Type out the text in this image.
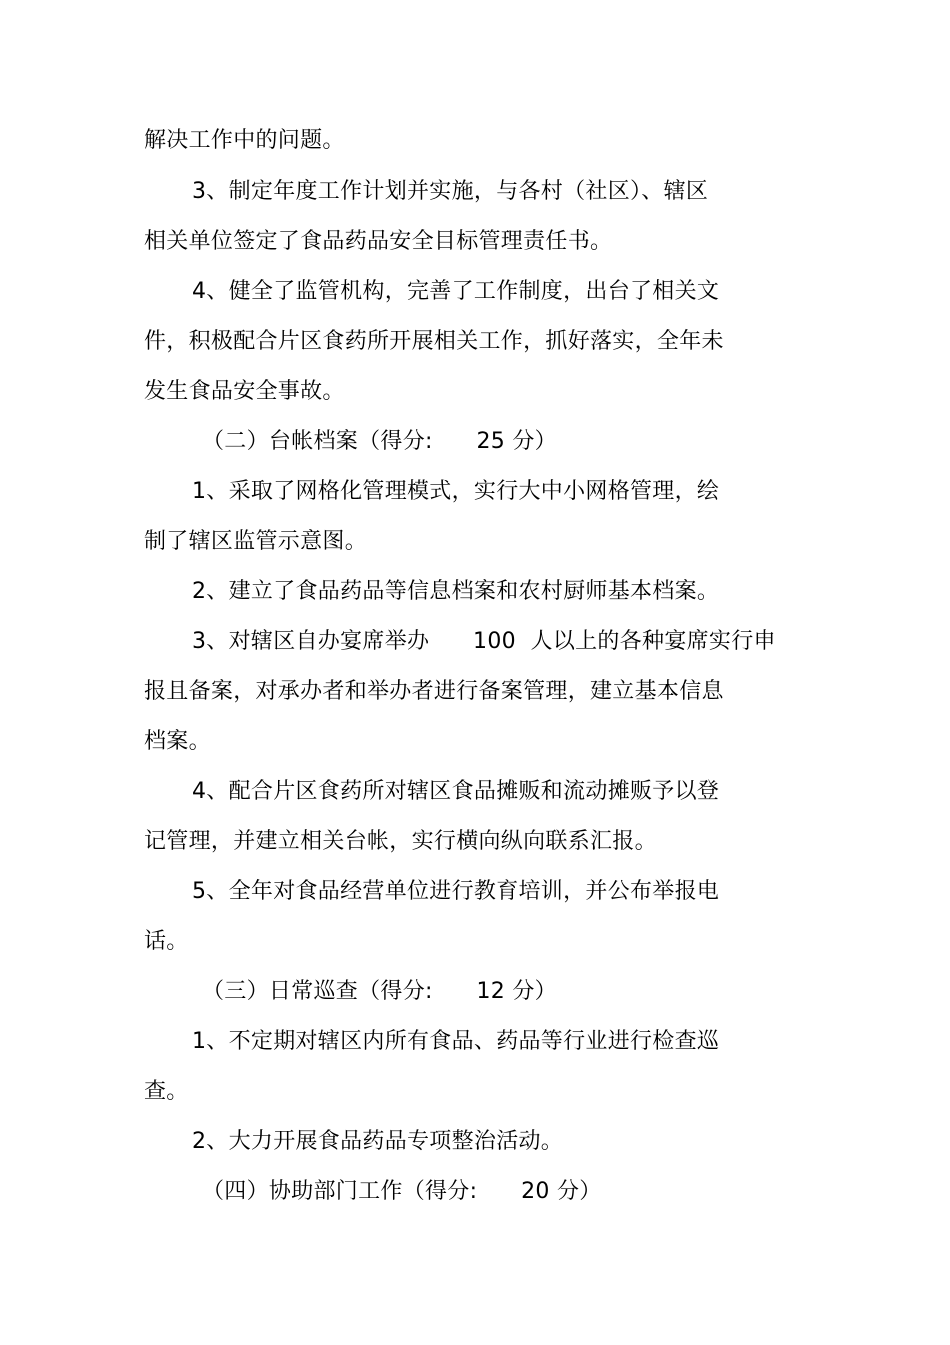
解决工作中的问题。
3、制定年度工作计划并实施，与各村（社区）、辖区
相关单位签定了食品药品安全目标管理责任书。
4、健全了监管机构，完善了工作制度，出台了相关文
件，积极配合片区食药所开展相关工作，抓好落实，全年未
发生食品安全事故。
（二）台帐档案（得分:      25 分）
1、采取了网格化管理模式，实行大中小网格管理，绘
制了辖区监管示意图。
2、建立了食品药品等信息档案和农村厨师基本档案。
3、对辖区自办宴席举办      100  人以上的各种宴席实行申
报且备案，对承办者和举办者进行备案管理，建立基本信息
档案。
4、配合片区食药所对辖区食品摊贩和流动摊贩予以登
记管理，并建立相关台帐，实行横向纵向联系汇报。
5、全年对食品经营单位进行教育培训，并公布举报电
话。
（三）日常巡查（得分:      12 分）
1、不定期对辖区内所有食品、药品等行业进行检查巡
查。
2、大力开展食品药品专项整治活动。
（四）协助部门工作（得分:      20 分）
